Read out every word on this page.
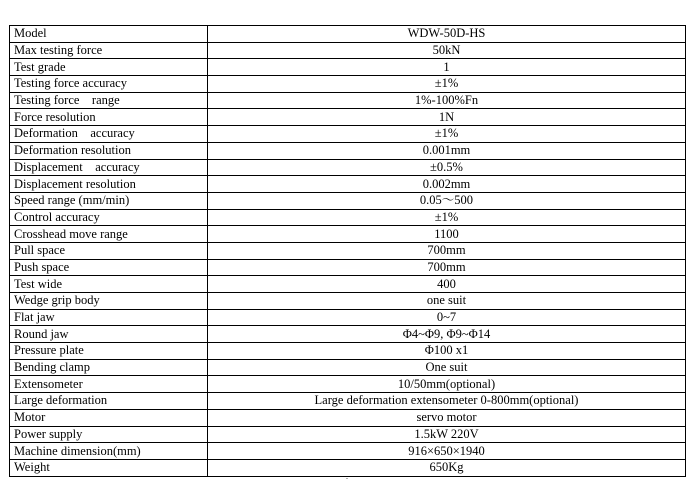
Model	WDW-50D-HS
Max testing force	50kN
Test grade	1
Testing force accuracy	±1%
Testing force    range	1%-100%Fn
Force resolution	1N
Deformation    accuracy	±1%
Deformation resolution	0.001mm
Displacement    accuracy	±0.5%
Displacement resolution	0.002mm
Speed range (mm/min)	0.05～500
Control accuracy	±1%
Crosshead move range	1100
Pull space	700mm
Push space	700mm
Test wide	400
Wedge grip body	one suit
Flat jaw	0~7
Round jaw	Φ4~Φ9, Φ9~Φ14
Pressure plate	Φ100 x1
Bending clamp	One suit
Extensometer	10/50mm(optional)
Large deformation	Large deformation extensometer 0-800mm(optional)
Motor	servo motor
Power supply	1.5kW 220V
Machine dimension(mm)	916×650×1940
Weight	650Kg
